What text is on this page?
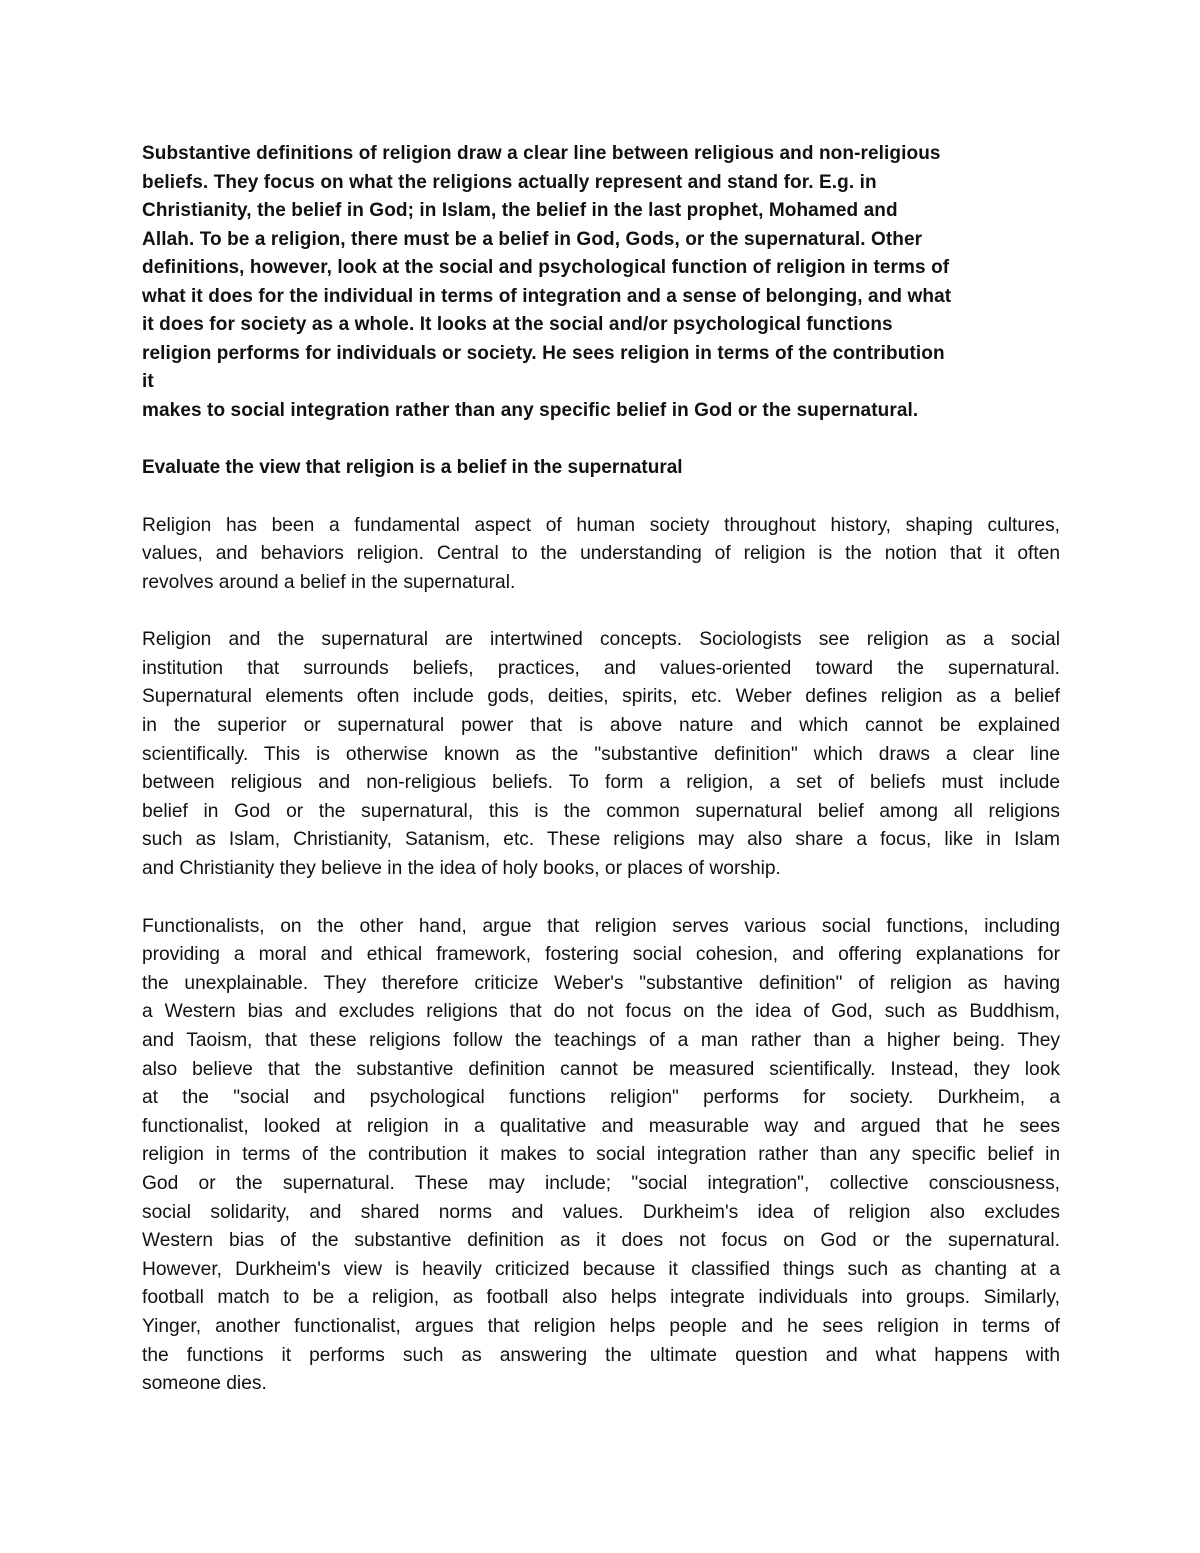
Substantive definitions of religion draw a clear line between religious and non-religious
beliefs. They focus on what the religions actually represent and stand for. E.g. in
Christianity, the belief in God; in Islam, the belief in the last prophet, Mohamed and
Allah. To be a religion, there must be a belief in God, Gods, or the supernatural. Other
definitions, however, look at the social and psychological function of religion in terms of
what it does for the individual in terms of integration and a sense of belonging, and what
it does for society as a whole. It looks at the social and/or psychological functions
religion performs for individuals or society. He sees religion in terms of the contribution
it
makes to social integration rather than any specific belief in God or the supernatural.
Evaluate the view that religion is a belief in the supernatural
Religion has been a fundamental aspect of human society throughout history, shaping cultures,
values, and behaviors religion. Central to the understanding of religion is the notion that it often
revolves around a belief in the supernatural.
Religion and the supernatural are intertwined concepts. Sociologists see religion as a social
institution that surrounds beliefs, practices, and values-oriented toward the supernatural.
Supernatural elements often include gods, deities, spirits, etc. Weber defines religion as a belief
in the superior or supernatural power that is above nature and which cannot be explained
scientifically. This is otherwise known as the "substantive definition" which draws a clear line
between religious and non-religious beliefs. To form a religion, a set of beliefs must include
belief in God or the supernatural, this is the common supernatural belief among all religions
such as Islam, Christianity, Satanism, etc. These religions may also share a focus, like in Islam
and Christianity they believe in the idea of holy books, or places of worship.
Functionalists, on the other hand, argue that religion serves various social functions, including
providing a moral and ethical framework, fostering social cohesion, and offering explanations for
the unexplainable. They therefore criticize Weber's "substantive definition" of religion as having
a Western bias and excludes religions that do not focus on the idea of God, such as Buddhism,
and Taoism, that these religions follow the teachings of a man rather than a higher being. They
also believe that the substantive definition cannot be measured scientifically. Instead, they look
at the "social and psychological functions religion" performs for society. Durkheim, a
functionalist, looked at religion in a qualitative and measurable way and argued that he sees
religion in terms of the contribution it makes to social integration rather than any specific belief in
God or the supernatural. These may include; "social integration", collective consciousness,
social solidarity, and shared norms and values. Durkheim's idea of religion also excludes
Western bias of the substantive definition as it does not focus on God or the supernatural.
However, Durkheim's view is heavily criticized because it classified things such as chanting at a
football match to be a religion, as football also helps integrate individuals into groups. Similarly,
Yinger, another functionalist, argues that religion helps people and he sees religion in terms of
the functions it performs such as answering the ultimate question and what happens with
someone dies.
